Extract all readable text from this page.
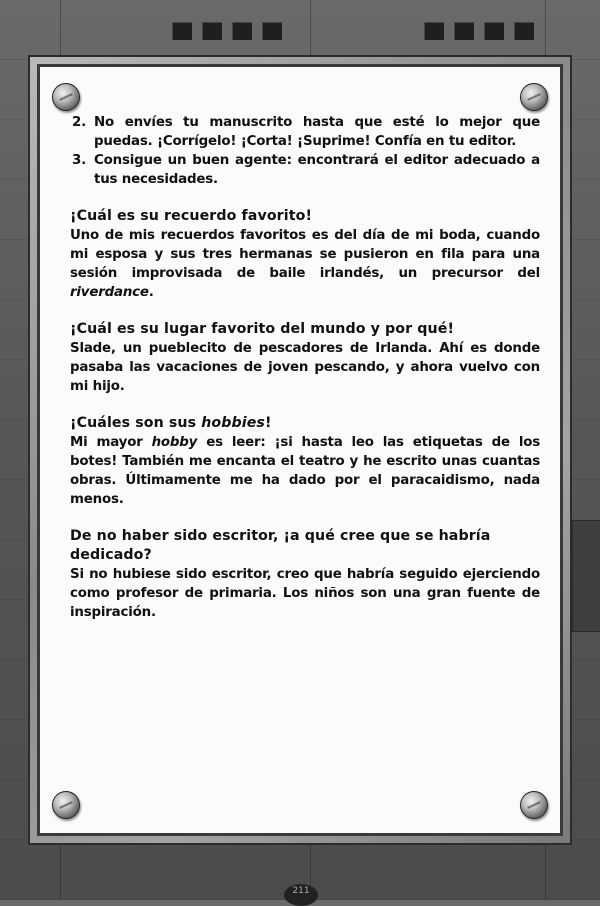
2. No envíes tu manuscrito hasta que esté lo mejor que puedas. ¡Corrígelo! ¡Corta! ¡Suprime! Confía en tu editor.
3. Consigue un buen agente: encontrará el editor adecuado a tus necesidades.

¡Cuál es su recuerdo favorito!

Uno de mis recuerdos favoritos es del día de mi boda, cuando mi esposa y sus tres hermanas se pusieron en fila para una sesión improvisada de baile irlandés, un precursor del riverdance.

¡Cuál es su lugar favorito del mundo y por qué!

Slade, un pueblecito de pescadores de Irlanda. Ahí es donde pasaba las vacaciones de joven pescando, y ahora vuelvo con mi hijo.

¡Cuáles son sus hobbies!

Mi mayor hobby es leer: ¡si hasta leo las etiquetas de los botes! También me encanta el teatro y he escrito unas cuantas obras. Últimamente me ha dado por el paracaidismo, nada menos.

De no haber sido escritor, ¡a qué cree que se habría dedicado?

Si no hubiese sido escritor, creo que habría seguido ejerciendo como profesor de primaria. Los niños son una gran fuente de inspiración.

211
